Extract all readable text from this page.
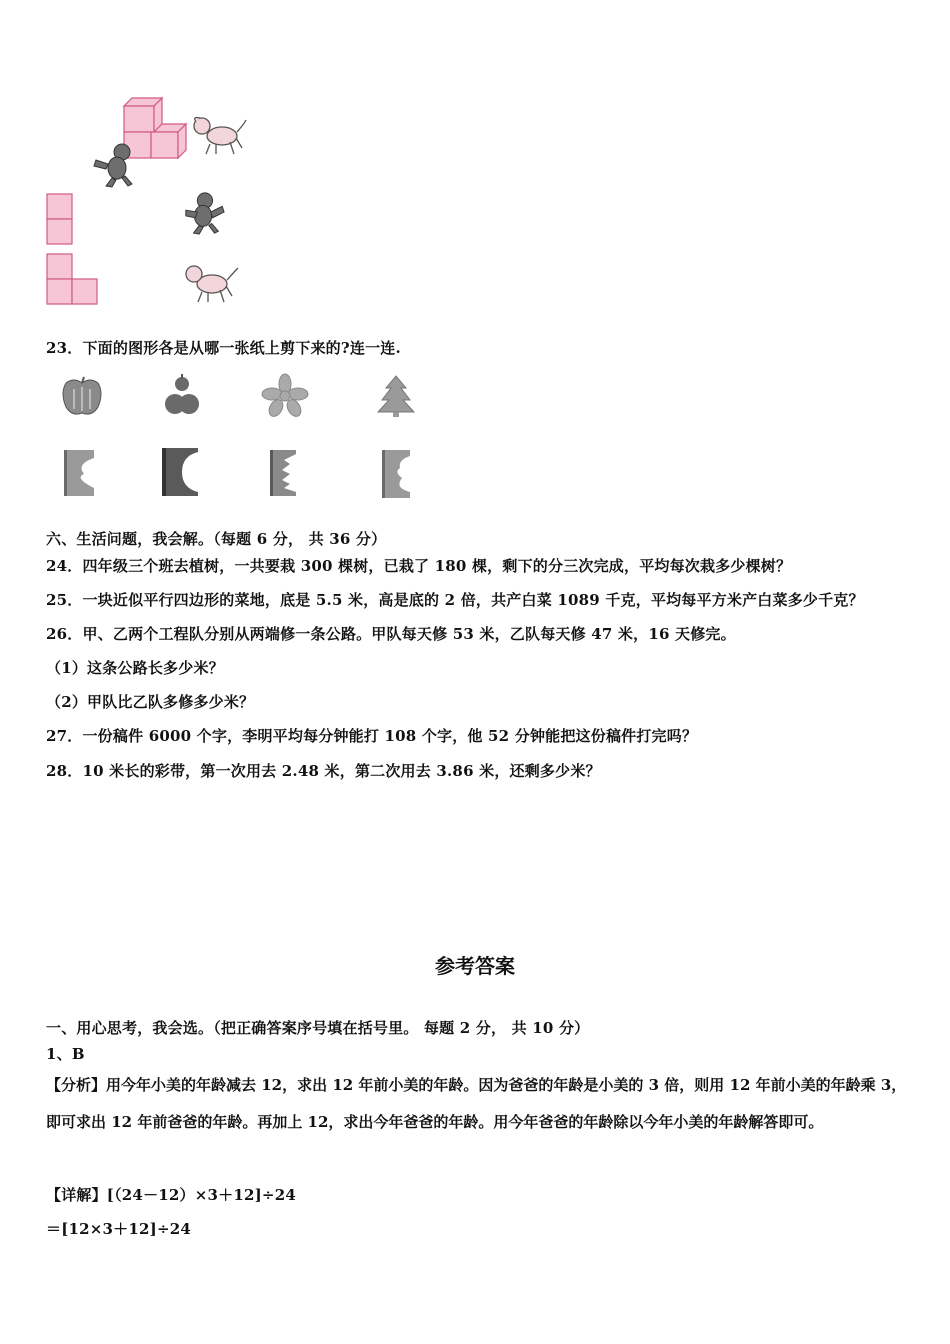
23．下面的图形各是从哪一张纸上剪下来的?连一连.
六、生活问题，我会解。（每题 6 分， 共 36 分）
24．四年级三个班去植树，一共要栽 300 棵树，已栽了 180 棵，剩下的分三次完成，平均每次栽多少棵树？
25．一块近似平行四边形的菜地，底是 5.5 米，高是底的 2 倍，共产白菜 1089 千克，平均每平方米产白菜多少千克？
26．甲、乙两个工程队分别从两端修一条公路。甲队每天修 53 米，乙队每天修 47 米，16 天修完。
（1）这条公路长多少米？
（2）甲队比乙队多修多少米？
27．一份稿件 6000 个字，李明平均每分钟能打 108 个字，他 52 分钟能把这份稿件打完吗？
28．10 米长的彩带，第一次用去 2.48 米，第二次用去 3.86 米，还剩多少米？
参考答案
一、用心思考，我会选。（把正确答案序号填在括号里。 每题 2 分， 共 10 分）
1、B
【分析】用今年小美的年龄减去 12，求出 12 年前小美的年龄。因为爸爸的年龄是小美的 3 倍，则用 12 年前小美的年龄乘 3，即可求出 12 年前爸爸的年龄。再加上 12，求出今年爸爸的年龄。用今年爸爸的年龄除以今年小美的年龄解答即可。
【详解】[（24－12）×3＋12]÷24
＝[12×3＋12]÷24
